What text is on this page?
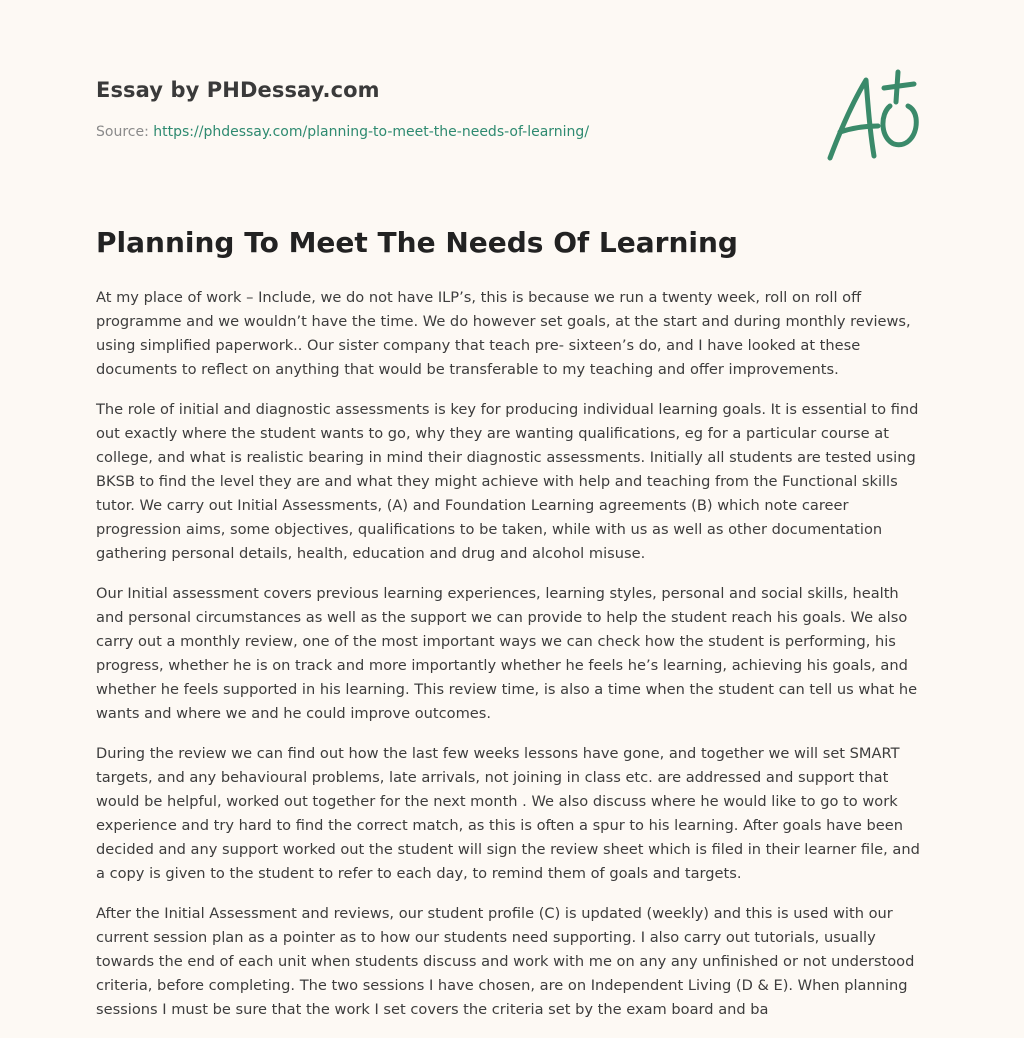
Essay by PHDessay.com
Source: https://phdessay.com/planning-to-meet-the-needs-of-learning/
Planning To Meet The Needs Of Learning

At my place of work – Include, we do not have ILP’s, this is because we run a twenty week, roll on roll off programme and we wouldn’t have the time. We do however set goals, at the start and during monthly reviews, using simplified paperwork.. Our sister company that teach pre- sixteen’s do, and I have looked at these documents to reflect on anything that would be transferable to my teaching and offer improvements.

The role of initial and diagnostic assessments is key for producing individual learning goals. It is essential to find out exactly where the student wants to go, why they are wanting qualifications, eg for a particular course at college, and what is realistic bearing in mind their diagnostic assessments. Initially all students are tested using BKSB to find the level they are and what they might achieve with help and teaching from the Functional skills tutor. We carry out Initial Assessments, (A) and Foundation Learning agreements (B) which note career progression aims, some objectives, qualifications to be taken, while with us as well as other documentation gathering personal details, health, education and drug and alcohol misuse.

Our Initial assessment covers previous learning experiences, learning styles, personal and social skills, health and personal circumstances as well as the support we can provide to help the student reach his goals. We also carry out a monthly review, one of the most important ways we can check how the student is performing, his progress, whether he is on track and more importantly whether he feels he’s learning, achieving his goals, and whether he feels supported in his learning. This review time, is also a time when the student can tell us what he wants and where we and he could improve outcomes.

During the review we can find out how the last few weeks lessons have gone, and together we will set SMART targets, and any behavioural problems, late arrivals, not joining in class etc. are addressed and support that would be helpful, worked out together for the next month . We also discuss where he would like to go to work experience and try hard to find the correct match, as this is often a spur to his learning. After goals have been decided and any support worked out the student will sign the review sheet which is filed in their learner file, and a copy is given to the student to refer to each day, to remind them of goals and targets.

After the Initial Assessment and reviews, our student profile (C) is updated (weekly) and this is used with our current session plan as a pointer as to how our students need supporting. I also carry out tutorials, usually towards the end of each unit when students discuss and work with me on any any unfinished or not understood criteria, before completing. The two sessions I have chosen, are on Independent Living (D & E). When planning sessions I must be sure that the work I set covers the criteria set by the exam board and ba
